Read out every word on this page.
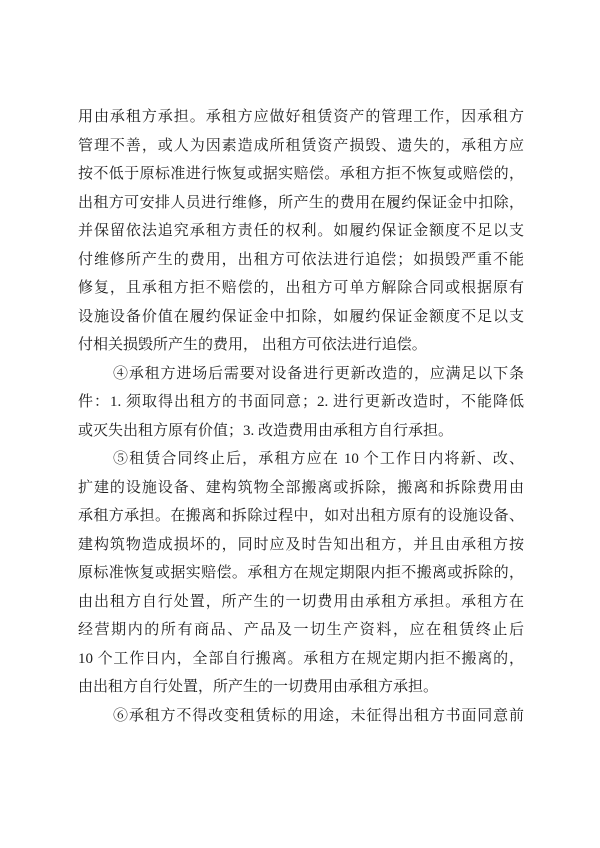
用由承租方承担。承租方应做好租赁资产的管理工作，因承租方
管理不善，或人为因素造成所租赁资产损毁、遗失的，承租方应
按不低于原标准进行恢复或据实赔偿。承租方拒不恢复或赔偿的，
出租方可安排人员进行维修，所产生的费用在履约保证金中扣除，
并保留依法追究承租方责任的权利。如履约保证金额度不足以支
付维修所产生的费用，出租方可依法进行追偿；如损毁严重不能
修复，且承租方拒不赔偿的，出租方可单方解除合同或根据原有
设施设备价值在履约保证金中扣除，如履约保证金额度不足以支
付相关损毁所产生的费用， 出租方可依法进行追偿。
④承租方进场后需要对设备进行更新改造的，应满足以下条
件：1. 须取得出租方的书面同意；2. 进行更新改造时，不能降低
或灭失出租方原有价值；3. 改造费用由承租方自行承担。
⑤租赁合同终止后，承租方应在 10 个工作日内将新、改、
扩建的设施设备、建构筑物全部搬离或拆除，搬离和拆除费用由
承租方承担。在搬离和拆除过程中，如对出租方原有的设施设备、
建构筑物造成损坏的，同时应及时告知出租方，并且由承租方按
原标准恢复或据实赔偿。承租方在规定期限内拒不搬离或拆除的，
由出租方自行处置，所产生的一切费用由承租方承担。承租方在
经营期内的所有商品、产品及一切生产资料，应在租赁终止后
10 个工作日内，全部自行搬离。承租方在规定期内拒不搬离的，
由出租方自行处置，所产生的一切费用由承租方承担。
⑥承租方不得改变租赁标的用途，未征得出租方书面同意前
